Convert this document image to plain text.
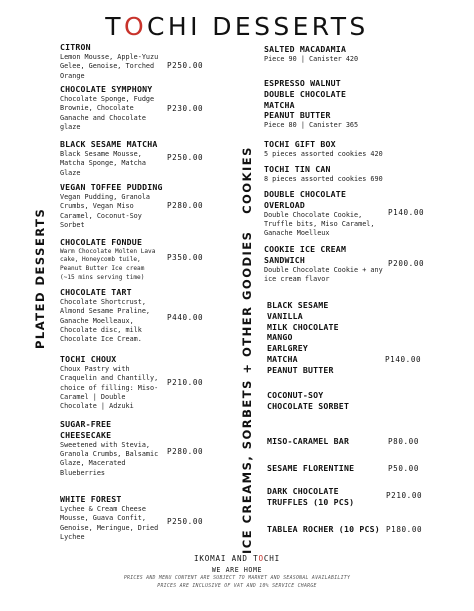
TOCHI DESSERTS
PLATED DESSERTS
COOKIES
ICE CREAMS, SORBETS + OTHER GOODIES
CITRON
Lemon Mousse, Apple-Yuzu
Gelee, Genoise, Torched
Orange
P250.00
CHOCOLATE SYMPHONY
Chocolate Sponge, Fudge
Brownie, Chocolate
Ganache and Chocolate
glaze
P230.00
BLACK SESAME MATCHA
Black Sesame Mousse,
Matcha Sponge, Matcha
Glaze
P250.00
VEGAN TOFFEE PUDDING
Vegan Pudding, Granola
Crumbs, Vegan Miso
Caramel, Coconut-Soy
Sorbet
P280.00
CHOCOLATE FONDUE
Warm Chocolate Molten Lava
cake, Honeycomb tuile,
Peanut Butter Ice cream
(~15 mins serving time)
P350.00
CHOCOLATE TART
Chocolate Shortcrust,
Almond Sesame Praline,
Ganache Moelleaux,
Chocolate disc, milk
Chocolate Ice Cream.
P440.00
TOCHI CHOUX
Choux Pastry with
Craquelin and Chantilly,
choice of filling: Miso-
Caramel | Double
Chocolate | Adzuki
P210.00
SUGAR-FREE
CHEESECAKE
Sweetened with Stevia,
Granola Crumbs, Balsamic
Glaze, Macerated
Blueberries
P280.00
WHITE FOREST
Lychee & Cream Cheese
Mousse, Guava Confit,
Genoise, Meringue, Dried
Lychee
P250.00
SALTED MACADAMIA
Piece 90 | Canister 420
ESPRESSO WALNUT
DOUBLE CHOCOLATE
MATCHA
PEANUT BUTTER
Piece 80 | Canister 365
TOCHI GIFT BOX
5 pieces assorted cookies 420
TOCHI TIN CAN
8 pieces assorted cookies 690
DOUBLE CHOCOLATE
OVERLOAD
Double Chocolate Cookie,
Truffle bits, Miso Caramel,
Ganache Moelleux
P140.00
COOKIE ICE CREAM
SANDWICH
Double Chocolate Cookie + any
ice cream flavor
P200.00
BLACK SESAME
VANILLA
MILK CHOCOLATE
MANGO
EARLGREY
MATCHA
PEANUT BUTTER
P140.00
COCONUT-SOY
CHOCOLATE SORBET
MISO-CARAMEL BAR	P80.00
SESAME FLORENTINE	P50.00
DARK CHOCOLATE
TRUFFLES (10 PCS)
P210.00
TABLEA ROCHER (10 PCS) P180.00
IKOMAI AND TOCHI
WE ARE HOME
PRICES AND MENU CONTENT ARE SUBJECT TO MARKET AND SEASONAL AVAILABILITY
PRICES ARE INCLUSIVE OF VAT AND 10% SERVICE CHARGE
